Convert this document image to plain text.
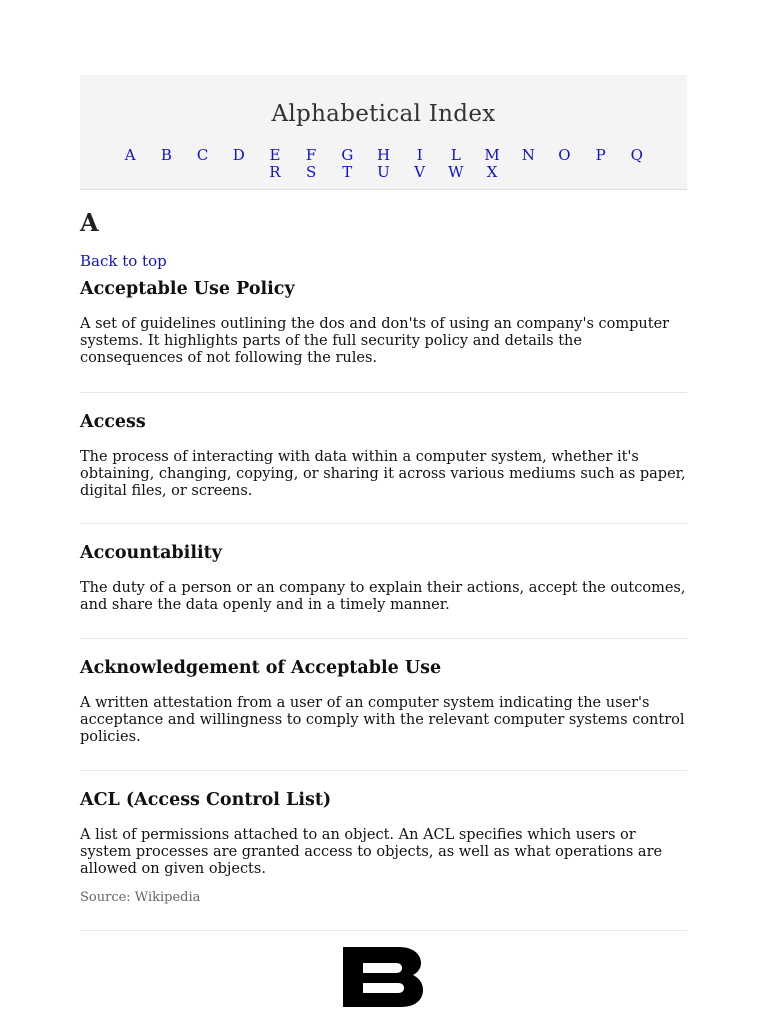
Alphabetical Index
A	B	C	D	E	F	G	H	I	L	M	N	O	P	Q
R	S	T	U	V	W	X
A
Back to top
Acceptable Use Policy

A set of guidelines outlining the dos and don'ts of using an company's computer systems. It highlights parts of the full security policy and details the consequences of not following the rules.

Access

The process of interacting with data within a computer system, whether it's obtaining, changing, copying, or sharing it across various mediums such as paper, digital files, or screens.

Accountability

The duty of a person or an company to explain their actions, accept the outcomes, and share the data openly and in a timely manner.

Acknowledgement of Acceptable Use

A written attestation from a user of an computer system indicating the user's acceptance and willingness to comply with the relevant computer systems control policies.

ACL (Access Control List)

A list of permissions attached to an object. An ACL specifies which users or system processes are granted access to objects, as well as what operations are allowed on given objects.

Source: Wikipedia
